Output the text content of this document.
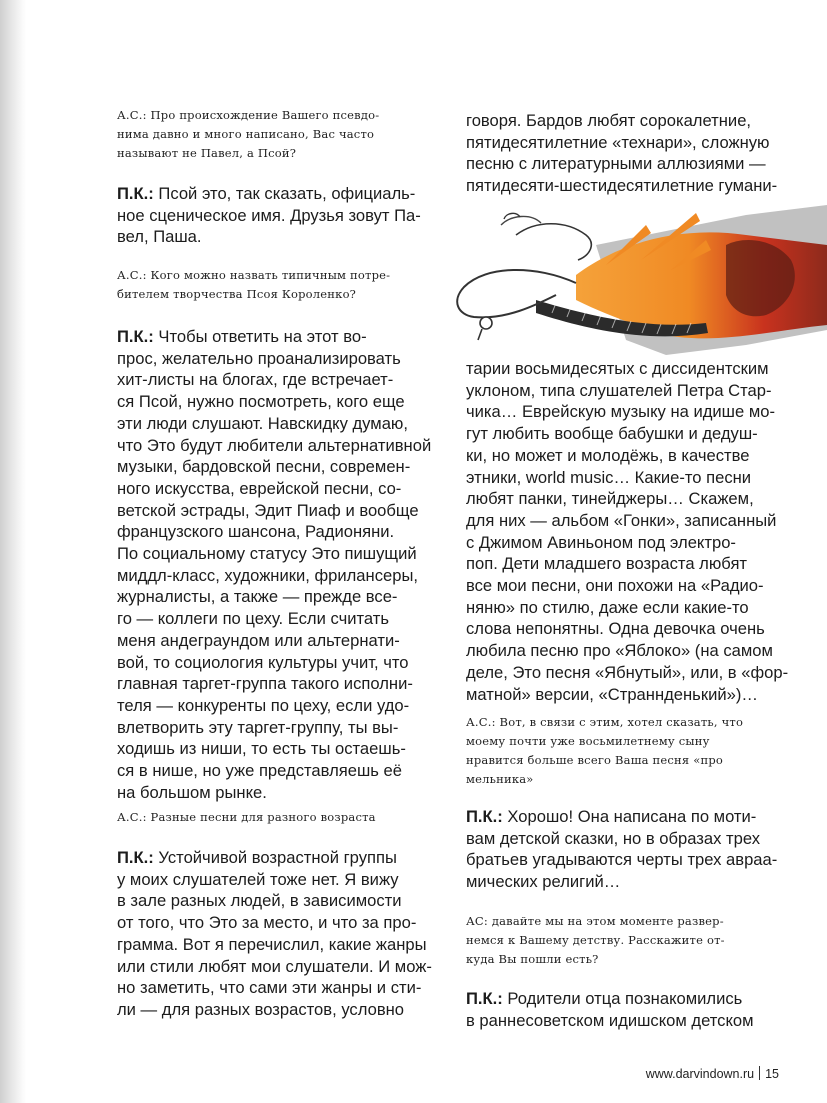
А.С.: Про происхождение Вашего псевдо-
нима давно и много написано, Вас часто
называют не Павел, а Псой?
П.К.: Псой это, так сказать, официаль-
ное сценическое имя. Друзья зовут Па-
вел, Паша.
А.С.: Кого можно назвать типичным потре-
бителем творчества Псоя Короленко?
П.К.: Чтобы ответить на этот во-
прос, желательно проанализировать
хит-листы на блогах, где встречает-
ся Псой, нужно посмотреть, кого еще
эти люди слушают. Навскидку думаю,
что Это будут любители альтернативной
музыки, бардовской песни, современ-
ного искусства, еврейской песни, со-
ветской эстрады, Эдит Пиаф и вообще
французского шансона, Радионяни.
По социальному статусу Это пишущий
миддл-класс, художники, фрилансеры,
журналисты, а также — прежде все-
го — коллеги по цеху. Если считать
меня андеграундом или альтернати-
вой, то социология культуры учит, что
главная таргет-группа такого исполни-
теля — конкуренты по цеху, если удо-
влетворить эту таргет-группу, ты вы-
ходишь из ниши, то есть ты остаешь-
ся в нише, но уже представляешь её
на большом рынке.
А.С.: Разные песни для разного возраста
П.К.: Устойчивой возрастной группы
у моих слушателей тоже нет. Я вижу
в зале разных людей, в зависимости
от того, что Это за место, и что за про-
грамма. Вот я перечислил, какие жанры
или стили любят мои слушатели. И мож-
но заметить, что сами эти жанры и сти-
ли — для разных возрастов, условно
говоря. Бардов любят сорокалетние,
пятидесятилетние «технари», сложную
песню с литературными аллюзиями —
пятидесяти-шестидесятилетние гумани-
тарии восьмидесятых с диссидентским
уклоном, типа слушателей Петра Стар-
чика… Еврейскую музыку на идише мо-
гут любить вообще бабушки и дедуш-
ки, но может и молодёжь, в качестве
этники, world music… Какие-то песни
любят панки, тинейджеры… Скажем,
для них — альбом «Гонки», записанный
с Джимом Авиньоном под электро-
поп. Дети младшего возраста любят
все мои песни, они похожи на «Радио-
няню» по стилю, даже если какие-то
слова непонятны. Одна девочка очень
любила песню про «Яблоко» (на самом
деле, Это песня «Ябнутый», или, в «фор-
матной» версии, «Страннденький»)…
А.С.: Вот, в связи с этим, хотел сказать, что
моему почти уже восьмилетнему сыну
нравится больше всего Ваша песня «про
мельника»
П.К.: Хорошо! Она написана по моти-
вам детской сказки, но в образах трех
братьев угадываются черты трех авраа-
мических религий…
АС: давайте мы на этом моменте развер-
немся к Вашему детству. Расскажите от-
куда Вы пошли есть?
П.К.: Родители отца познакомились
в раннесоветском идишском детском
www.darvindown.ru 15
